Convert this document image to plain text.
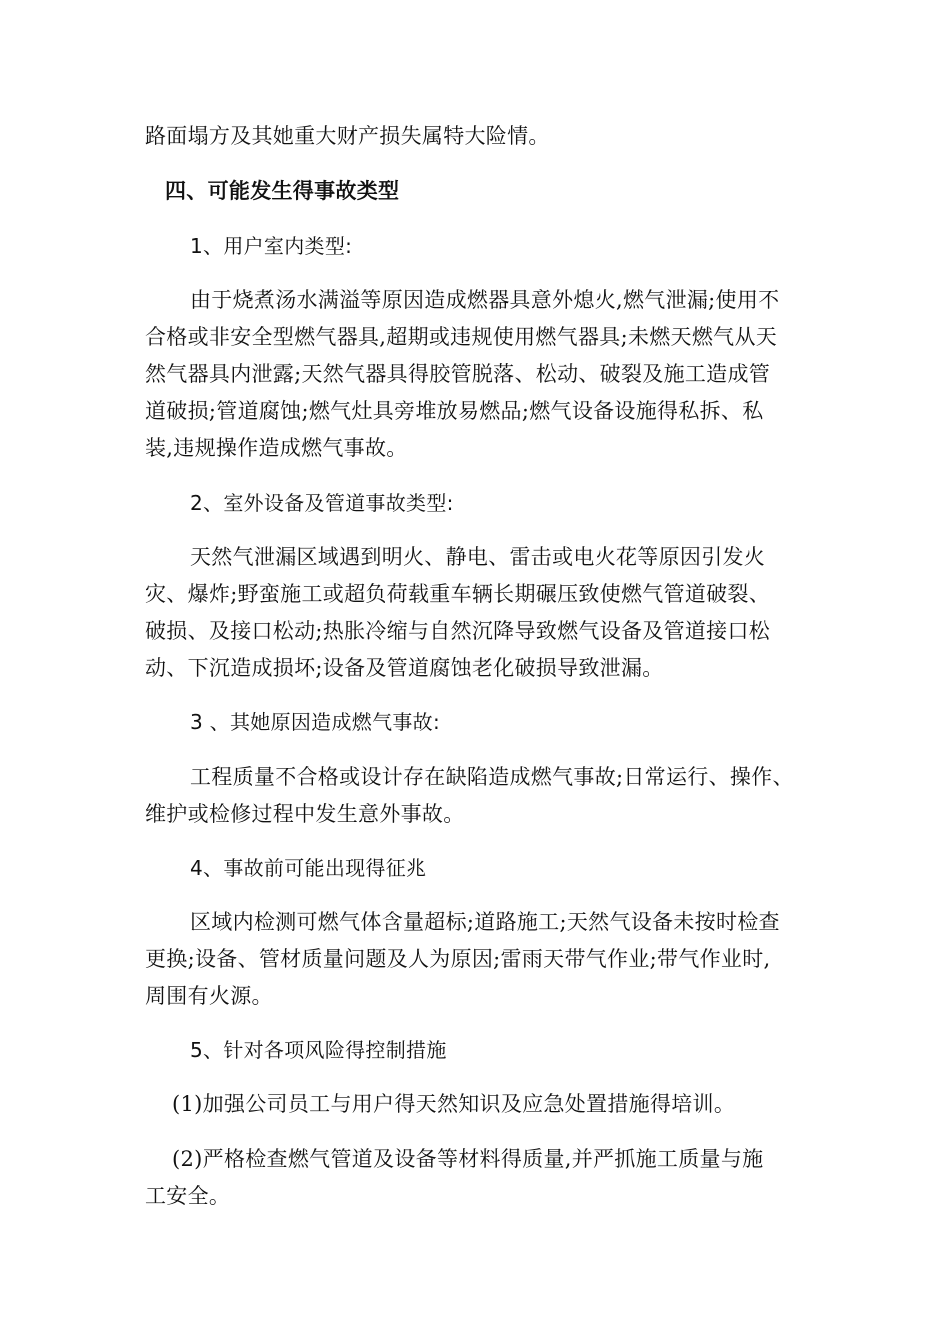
路面塌方及其她重大财产损失属特大险情。
四、可能发生得事故类型
1、用户室内类型:
由于烧煮汤水满溢等原因造成燃器具意外熄火,燃气泄漏;使用不
合格或非安全型燃气器具,超期或违规使用燃气器具;未燃天燃气从天
然气器具内泄露;天然气器具得胶管脱落、松动、破裂及施工造成管
道破损;管道腐蚀;燃气灶具旁堆放易燃品;燃气设备设施得私拆、私
装,违规操作造成燃气事故。
2、室外设备及管道事故类型:
天然气泄漏区域遇到明火、静电、雷击或电火花等原因引发火
灾、爆炸;野蛮施工或超负荷载重车辆长期碾压致使燃气管道破裂、
破损、及接口松动;热胀冷缩与自然沉降导致燃气设备及管道接口松
动、下沉造成损坏;设备及管道腐蚀老化破损导致泄漏。
3 、其她原因造成燃气事故:
工程质量不合格或设计存在缺陷造成燃气事故;日常运行、操作、
维护或检修过程中发生意外事故。
4、事故前可能出现得征兆
区域内检测可燃气体含量超标;道路施工;天然气设备未按时检查
更换;设备、管材质量问题及人为原因;雷雨天带气作业;带气作业时,
周围有火源。
5、针对各项风险得控制措施
(1)加强公司员工与用户得天然知识及应急处置措施得培训。
(2)严格检查燃气管道及设备等材料得质量,并严抓施工质量与施
工安全。
